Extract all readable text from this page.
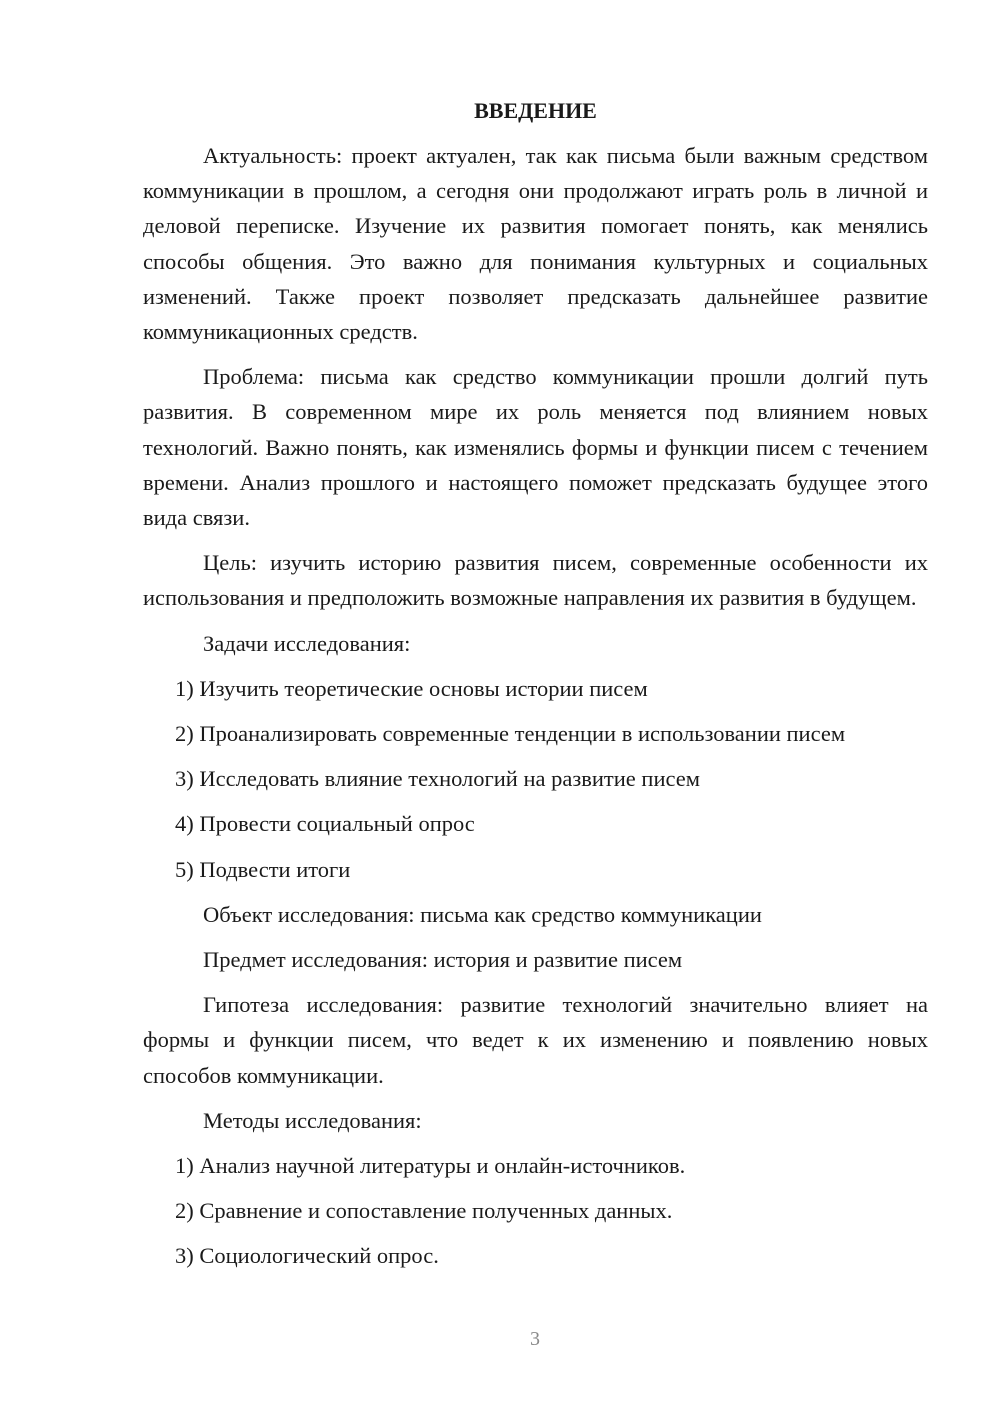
ВВЕДЕНИЕ

Актуальность: проект актуален, так как письма были важным средством коммуникации в прошлом, а сегодня они продолжают играть роль в личной и деловой переписке. Изучение их развития помогает понять, как менялись способы общения. Это важно для понимания культурных и социальных изменений. Также проект позволяет предсказать дальнейшее развитие коммуникационных средств.

Проблема: письма как средство коммуникации прошли долгий путь развития. В современном мире их роль меняется под влиянием новых технологий. Важно понять, как изменялись формы и функции писем с течением времени. Анализ прошлого и настоящего поможет предсказать будущее этого вида связи.

Цель: изучить историю развития писем, современные особенности их использования и предположить возможные направления их развития в будущем.

Задачи исследования:

1) Изучить теоретические основы истории писем

2) Проанализировать современные тенденции в использовании писем

3) Исследовать влияние технологий на развитие писем

4) Провести социальный опрос

5) Подвести итоги

Объект исследования: письма как средство коммуникации

Предмет исследования: история и развитие писем

Гипотеза исследования: развитие технологий значительно влияет на формы и функции писем, что ведет к их изменению и появлению новых способов коммуникации.

Методы исследования:

1) Анализ научной литературы и онлайн-источников.

2) Сравнение и сопоставление полученных данных.

3) Социологический опрос.

3
